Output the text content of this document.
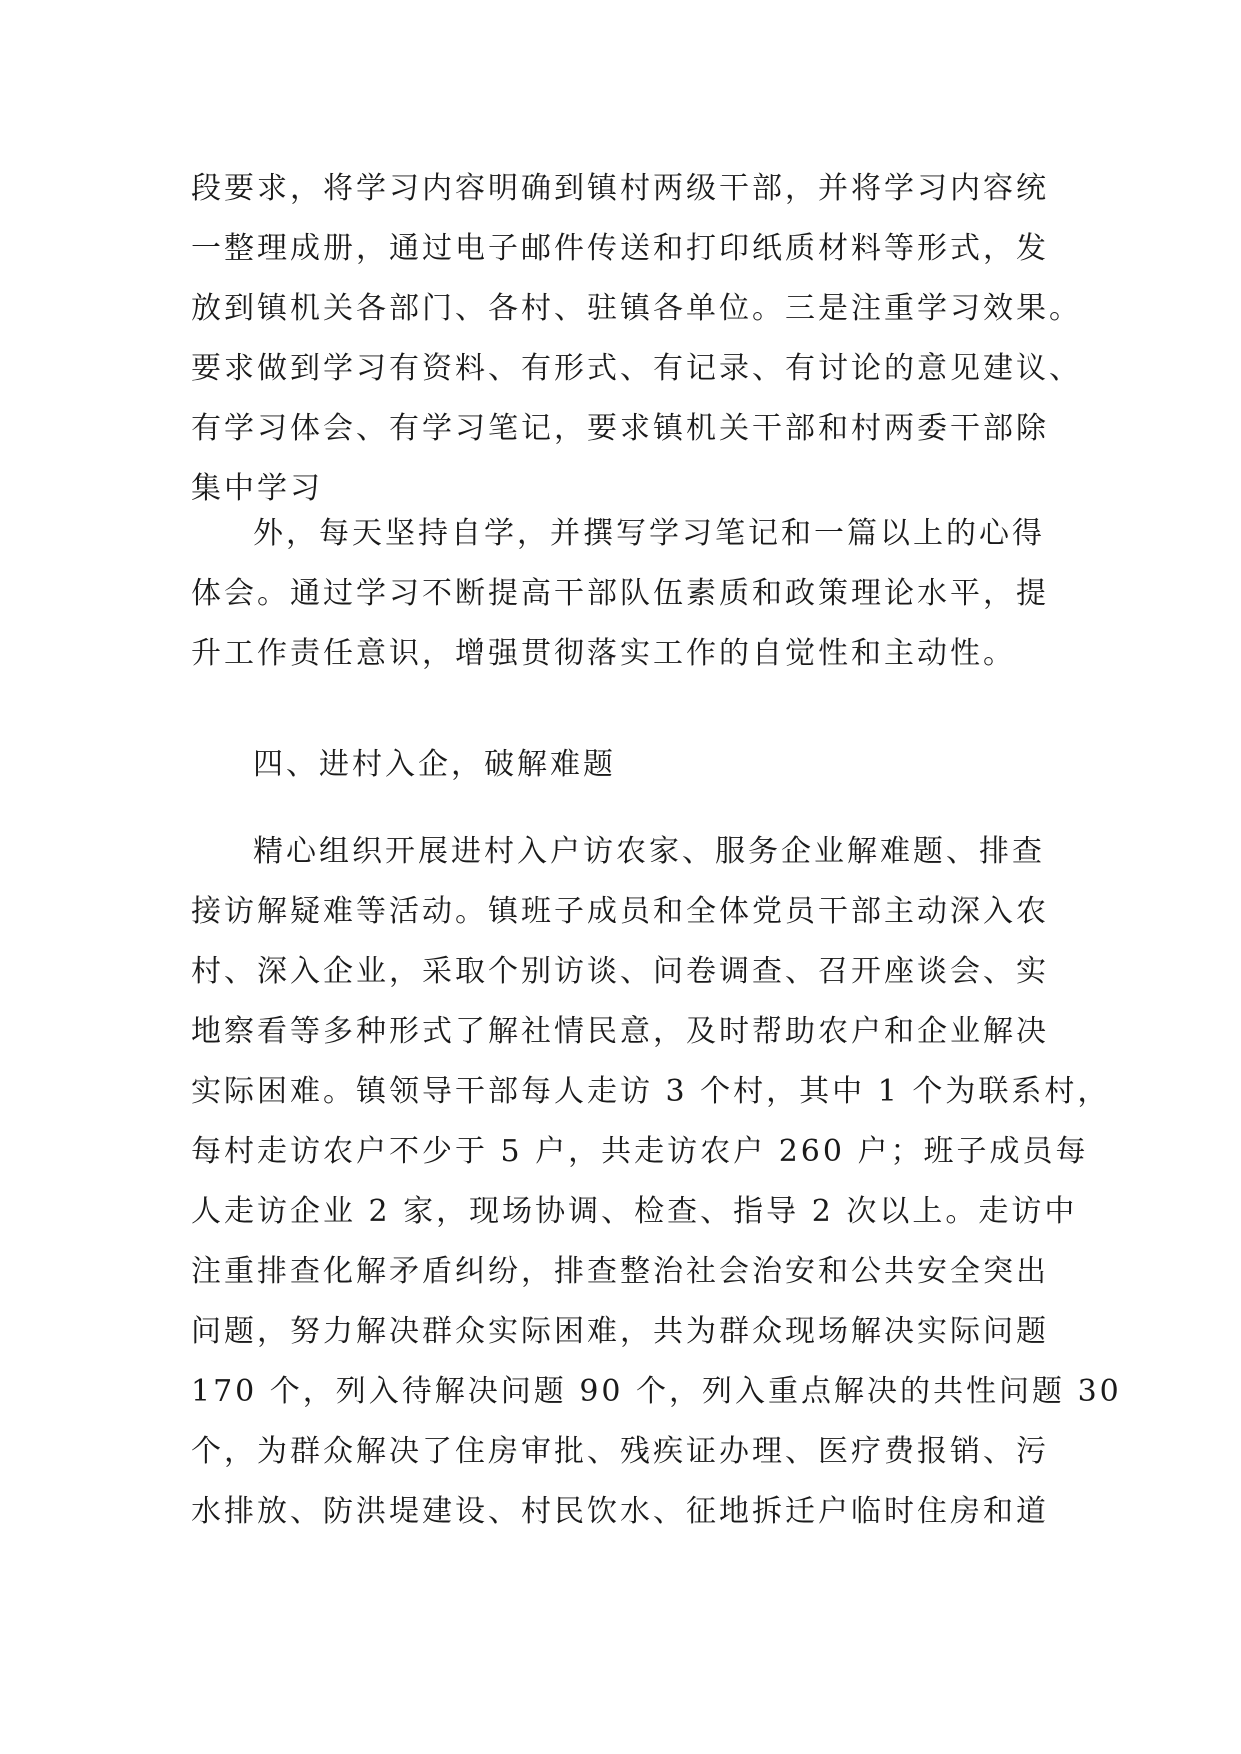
段要求，将学习内容明确到镇村两级干部，并将学习内容统
一整理成册，通过电子邮件传送和打印纸质材料等形式，发
放到镇机关各部门、各村、驻镇各单位。三是注重学习效果。
要求做到学习有资料、有形式、有记录、有讨论的意见建议、
有学习体会、有学习笔记，要求镇机关干部和村两委干部除
集中学习
外，每天坚持自学，并撰写学习笔记和一篇以上的心得
体会。通过学习不断提高干部队伍素质和政策理论水平，提
升工作责任意识，增强贯彻落实工作的自觉性和主动性。
四、进村入企，破解难题
精心组织开展进村入户访农家、服务企业解难题、排查
接访解疑难等活动。镇班子成员和全体党员干部主动深入农
村、深入企业，采取个别访谈、问卷调查、召开座谈会、实
地察看等多种形式了解社情民意，及时帮助农户和企业解决
实际困难。镇领导干部每人走访 3 个村，其中 1 个为联系村，
每村走访农户不少于 5 户，共走访农户 260 户；班子成员每
人走访企业 2 家，现场协调、检查、指导 2 次以上。走访中
注重排查化解矛盾纠纷，排查整治社会治安和公共安全突出
问题，努力解决群众实际困难，共为群众现场解决实际问题
170 个，列入待解决问题 90 个，列入重点解决的共性问题 30
个，为群众解决了住房审批、残疾证办理、医疗费报销、污
水排放、防洪堤建设、村民饮水、征地拆迁户临时住房和道
